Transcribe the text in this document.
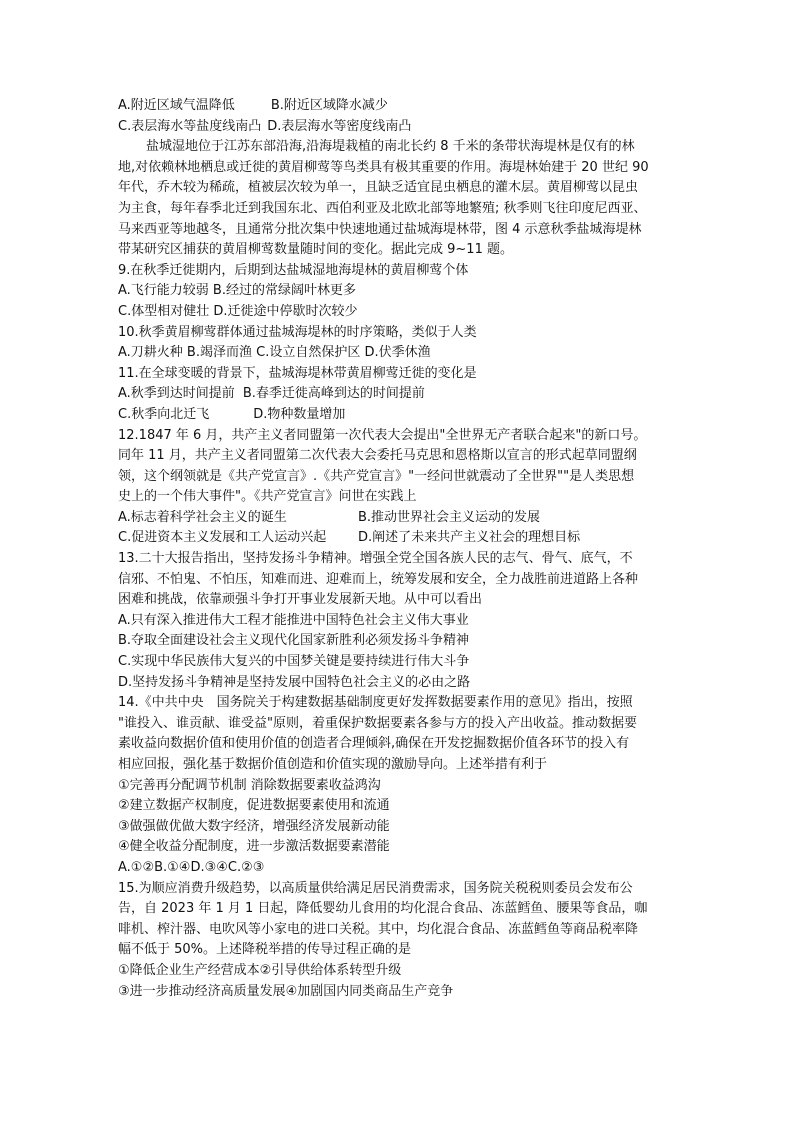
A.附近区域气温降低	B.附近区域降水减少
C.表层海水等盐度线南凸 D.表层海水等密度线南凸
盐城湿地位于江苏东部沿海,沿海堤栽植的南北长约 8 千米的条带状海堤林是仅有的林
地,对依赖林地栖息或迁徙的黄眉柳莺等鸟类具有极其重要的作用。海堤林始建于 20 世纪 90
年代，乔木较为稀疏，植被层次较为单一，且缺乏适宜昆虫栖息的灌木层。黄眉柳莺以昆虫
为主食，每年春季北迁到我国东北、西伯利亚及北欧北部等地繁殖; 秋季则飞往印度尼西亚、
马来西亚等地越冬，且通常分批次集中快速地通过盐城海堤林带，图 4 示意秋季盐城海堤林
带某研究区捕获的黄眉柳莺数量随时间的变化。据此完成 9~11 题。
9.在秋季迁徙期内，后期到达盐城湿地海堤林的黄眉柳莺个体
A.飞行能力较弱 B.经过的常绿阔叶林更多
C.体型相对健壮 D.迁徙途中停歇时次较少
10.秋季黄眉柳莺群体通过盐城海堤林的时序策略，类似于人类
A.刀耕火种 B.竭泽而渔 C.设立自然保护区 D.伏季休渔
11.在全球变暖的背景下，盐城海堤林带黄眉柳莺迁徙的变化是
A.秋季到达时间提前 B.春季迁徙高峰到达的时间提前
C.秋季向北迁飞	D.物种数量增加
12.1847 年 6 月，共产主义者同盟第一次代表大会提出"全世界无产者联合起来"的新口号。
同年 11 月，共产主义者同盟第二次代表大会委托马克思和恩格斯以宣言的形式起草同盟纲
领，这个纲领就是《共产党宣言》.《共产党宣言》"一经问世就震动了全世界""是人类思想
史上的一个伟大事件"。《共产党宣言》问世在实践上
A.标志着科学社会主义的诞生	B.推动世界社会主义运动的发展
C.促进资本主义发展和工人运动兴起	D.阐述了未来共产主义社会的理想目标
13.二十大报告指出，坚持发扬斗争精神。增强全党全国各族人民的志气、骨气、底气，不
信邪、不怕鬼、不怕压，知难而进、迎难而上，统筹发展和安全，全力战胜前进道路上各种
困难和挑战，依靠顽强斗争打开事业发展新天地。从中可以看出
A.只有深入推进伟大工程才能推进中国特色社会主义伟大事业
B.夺取全面建设社会主义现代化国家新胜利必须发扬斗争精神
C.实现中华民族伟大复兴的中国梦关键是要持续进行伟大斗争
D.坚持发扬斗争精神是坚持发展中国特色社会主义的必由之路
14.《中共中央　国务院关于构建数据基础制度更好发挥数据要素作用的意见》指出，按照
"谁投入、谁贡献、谁受益"原则，着重保护数据要素各参与方的投入产出收益。推动数据要
素收益向数据价值和使用价值的创造者合理倾斜,确保在开发挖掘数据价值各环节的投入有
相应回报，强化基于数据价值创造和价值实现的激励导向。上述举措有利于
①完善再分配调节机制 消除数据要素收益鸿沟
②建立数据产权制度，促进数据要素使用和流通
③做强做优做大数字经济，增强经济发展新动能
④健全收益分配制度，进一步激活数据要素潜能
A.①②B.①④D.③④C.②③
15.为顺应消费升级趋势，以高质量供给满足居民消费需求，国务院关税税则委员会发布公
告，自 2023 年 1 月 1 日起，降低婴幼儿食用的均化混合食品、冻蓝鳕鱼、腰果等食品，咖
啡机、榨汁器、电吹风等小家电的进口关税。其中，均化混合食品、冻蓝鳕鱼等商品税率降
幅不低于 50%。上述降税举措的传导过程正确的是
①降低企业生产经营成本②引导供给体系转型升级
③进一步推动经济高质量发展④加剧国内同类商品生产竞争
